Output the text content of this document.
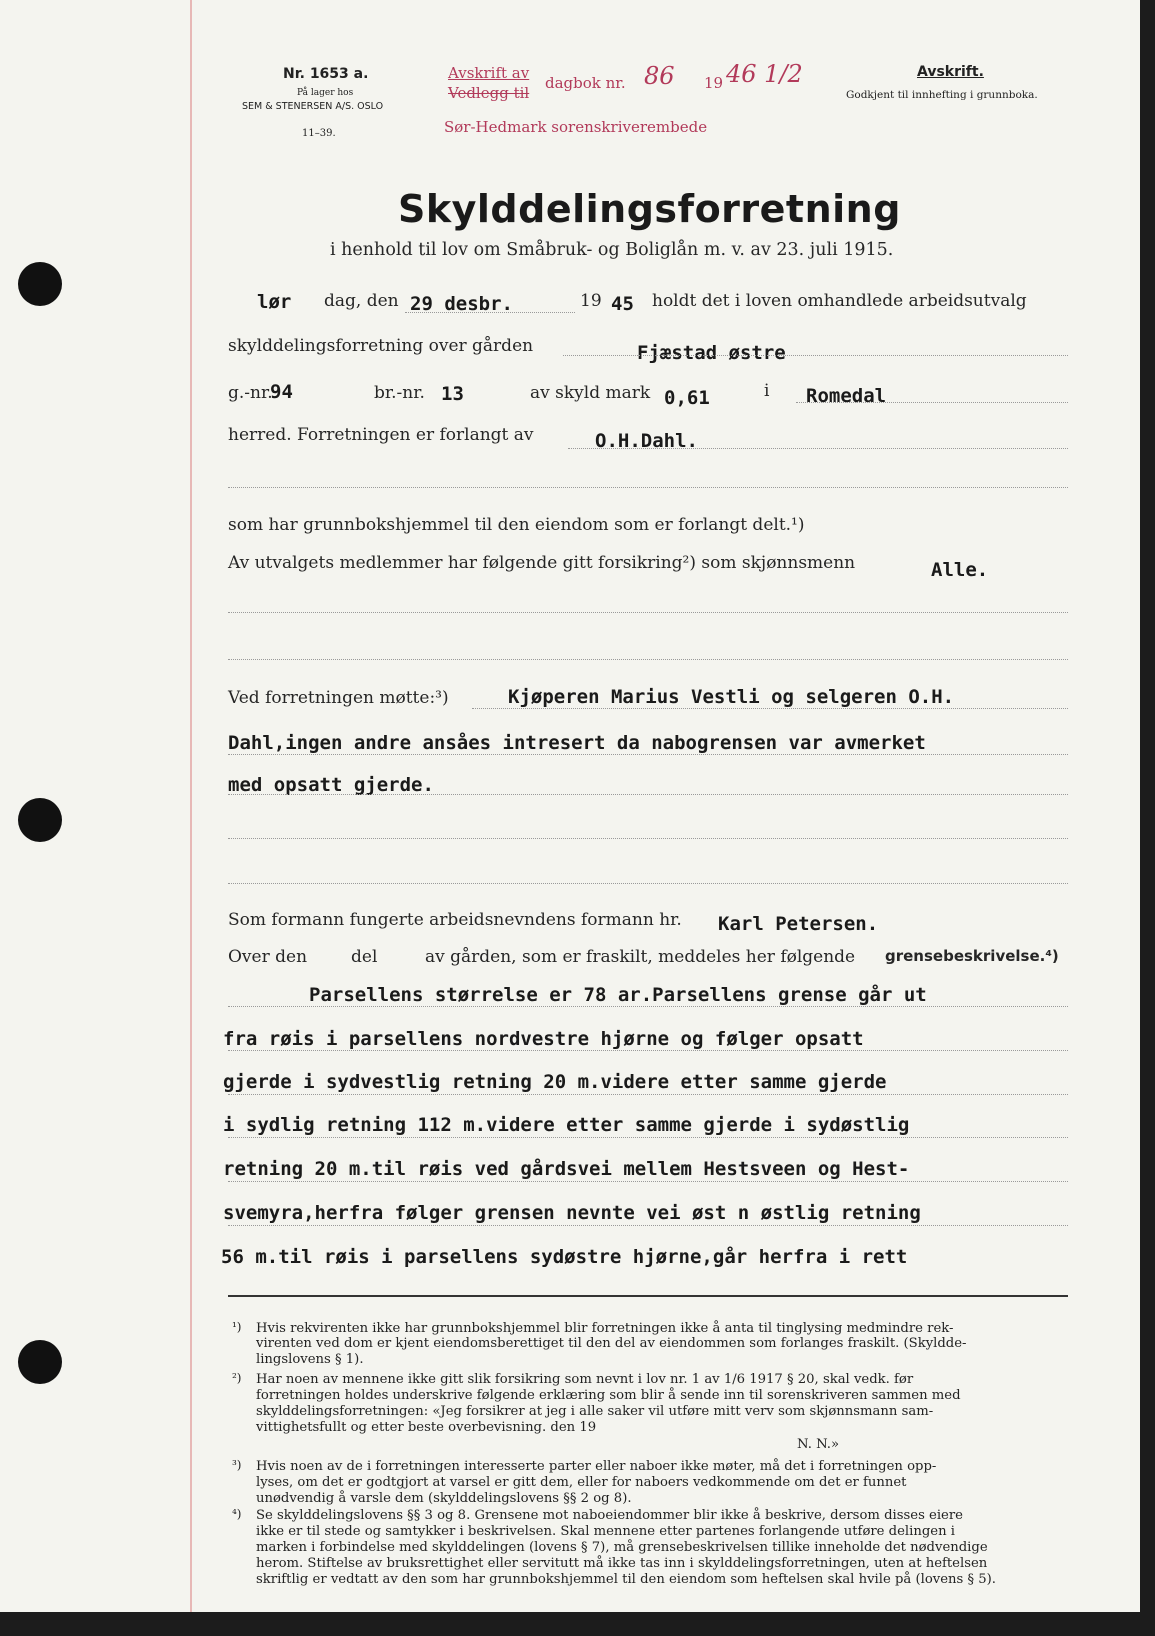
Nr. 1653 a.
På lager hos
SEM & STENERSEN A/S. OSLO
11–39.
Avskrift av
Vedlegg til
dagbok nr. 86 19 46 1/2
Sør-Hedmark sorenskriverembede
Avskrift.
Godkjent til innhefting i grunnboka.
Skylddelingsforretning
i henhold til lov om Småbruk- og Boliglån m. v. av 23. juli 1915.
lør dag, den 29 desbr.	19 45 holdt det i loven omhandlede arbeidsutvalg
skylddelingsforretning over gården	Fjæstad østre
g.-nr.
94	br.-nr. 13	av skyld mark 0,61	i Romedal
herred. Forretningen er forlangt av	O.H.Dahl.
som har grunnbokshjemmel til den eiendom som er forlangt delt.¹)
Av utvalgets medlemmer har følgende gitt forsikring²) som skjønnsmenn	Alle.
Ved forretningen møtte:³)	Kjøperen Marius Vestli og selgeren O.H.
Dahl,ingen andre ansåes intresert da nabogrensen var avmerket
med opsatt gjerde.
Som formann fungerte arbeidsnevndens formann hr. Karl Petersen.
Over den	del	av gården, som er fraskilt, meddeles her følgende grensebeskrivelse.⁴)
Parsellens størrelse er 78 ar.Parsellens grense går ut
fra røis i parsellens nordvestre hjørne og følger opsatt
gjerde i sydvestlig retning 20 m.videre etter samme gjerde
i sydlig retning 112 m.videre etter samme gjerde i sydøstlig
retning 20 m.til røis ved gårdsvei mellem Hestsveen og Hest-
svemyra,herfra følger grensen nevnte vei øst n østlig retning
56 m.til røis i parsellens sydøstre hjørne,går herfra i rett
¹) Hvis rekvirenten ikke har grunnbokshjemmel blir forretningen ikke å anta til tinglysing medmindre rek-
virenten ved dom er kjent eiendomsberettiget til den del av eiendommen som forlanges fraskilt. (Skyldde-
lingslovens § 1).
²) Har noen av mennene ikke gitt slik forsikring som nevnt i lov nr. 1 av 1/6 1917 § 20, skal vedk. før
forretningen holdes underskrive følgende erklæring som blir å sende inn til sorenskriveren sammen med
skylddelingsforretningen: «Jeg forsikrer at jeg i alle saker vil utføre mitt verv som skjønnsmann sam-
vittighetsfullt og etter beste overbevisning. den 19
N. N.»
³) Hvis noen av de i forretningen interesserte parter eller naboer ikke møter, må det i forretningen opp-
lyses, om det er godtgjort at varsel er gitt dem, eller for naboers vedkommende om det er funnet
unødvendig å varsle dem (skylddelingslovens §§ 2 og 8).
⁴) Se skylddelingslovens §§ 3 og 8. Grensene mot naboeiendommer blir ikke å beskrive, dersom disses eiere
ikke er til stede og samtykker i beskrivelsen. Skal mennene etter partenes forlangende utføre delingen i
marken i forbindelse med skylddelingen (lovens § 7), må grensebeskrivelsen tillike inneholde det nødvendige
herom. Stiftelse av bruksrettighet eller servitutt må ikke tas inn i skylddelingsforretningen, uten at heftelsen
skriftlig er vedtatt av den som har grunnbokshjemmel til den eiendom som heftelsen skal hvile på (lovens § 5).
